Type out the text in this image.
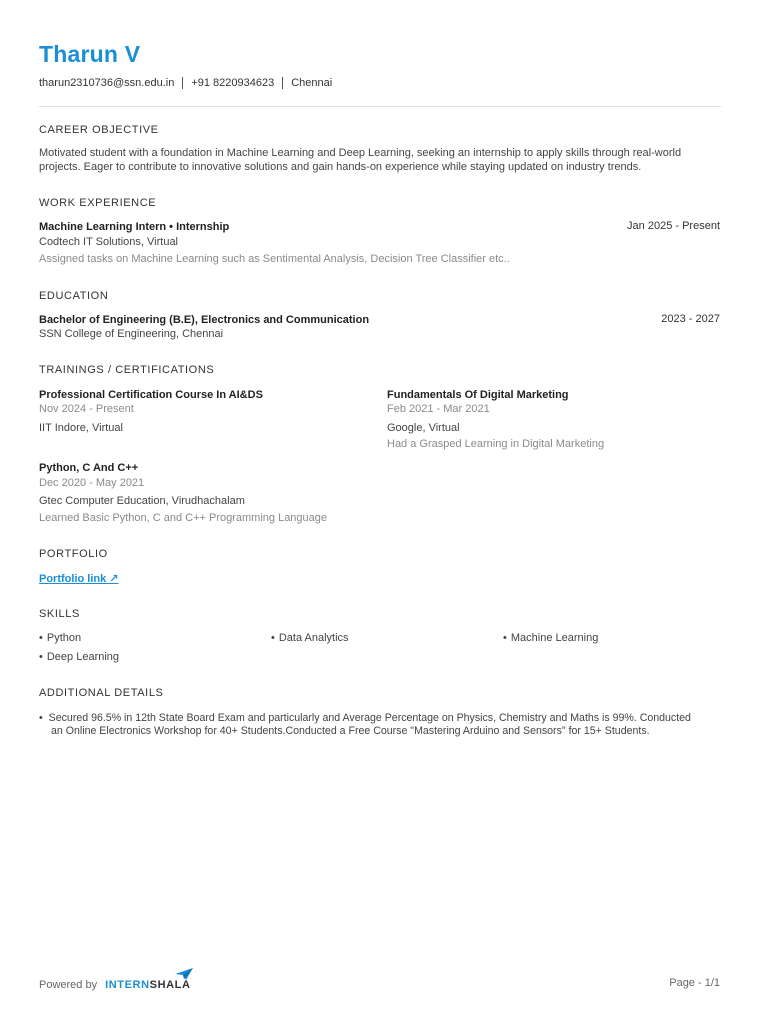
Tharun V
tharun2310736@ssn.edu.in +91 8220934623 Chennai
CAREER OBJECTIVE
Motivated student with a foundation in Machine Learning and Deep Learning, seeking an internship to apply skills through real-world
projects. Eager to contribute to innovative solutions and gain hands-on experience while staying updated on industry trends.
WORK EXPERIENCE
Machine Learning Intern • Internship	Jan 2025 - Present
Codtech IT Solutions, Virtual
Assigned tasks on Machine Learning such as Sentimental Analysis, Decision Tree Classifier etc..
EDUCATION
Bachelor of Engineering (B.E), Electronics and Communication	2023 - 2027
SSN College of Engineering, Chennai
TRAININGS / CERTIFICATIONS
Professional Certification Course In AI&DS
Nov 2024 - Present
IIT Indore, Virtual
Fundamentals Of Digital Marketing
Feb 2021 - Mar 2021
Google, Virtual
Had a Grasped Learning in Digital Marketing
Python, C And C++
Dec 2020 - May 2021
Gtec Computer Education, Virudhachalam
Learned Basic Python, C and C++ Programming Language
PORTFOLIO
Portfolio link ↗
SKILLS
• Python	• Data Analytics	• Machine Learning
• Deep Learning
ADDITIONAL DETAILS
• Secured 96.5% in 12th State Board Exam and particularly and Average Percentage on Physics, Chemistry and Maths is 99%. Conducted
an Online Electronics Workshop for 40+ Students.Conducted a Free Course "Mastering Arduino and Sensors" for 15+ Students.
Powered by INTERNSHALA	Page - 1/1
